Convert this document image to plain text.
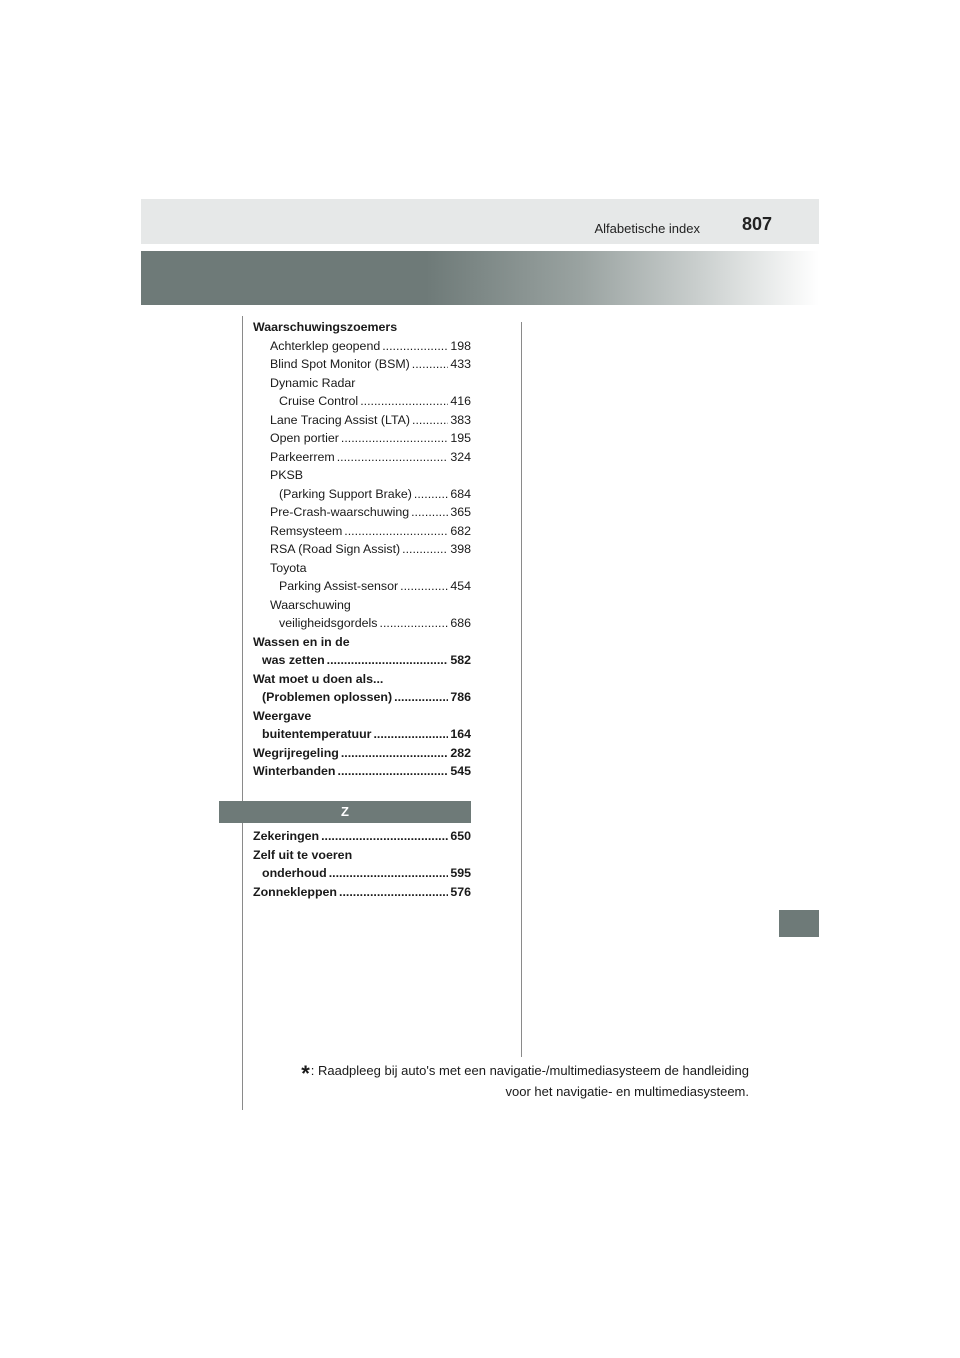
Alfabetische index 807
Waarschuwingszoemers
Achterklep geopend .....	198
Blind Spot Monitor (BSM) .....	433
Dynamic Radar
Cruise Control .....	416
Lane Tracing Assist (LTA) .....	383
Open portier .....	195
Parkeerrem .....	324
PKSB
(Parking Support Brake) .....	684
Pre-Crash-waarschuwing .....	365
Remsysteem .....	682
RSA (Road Sign Assist) .....	398
Toyota
Parking Assist-sensor .....	454
Waarschuwing
veiligheidsgordels .....	686
Wassen en in de
was zetten .....	582
Wat moet u doen als...
(Problemen oplossen) .....	786
Weergave
buitentemperatuur .....	164
Wegrijregeling .....	282
Winterbanden .....	545
Z
Zekeringen .....	650
Zelf uit te voeren
onderhoud .....	595
Zonnekleppen .....	576
*: Raadpleeg bij auto's met een navigatie-/multimediasysteem de handleiding
voor het navigatie- en multimediasysteem.
